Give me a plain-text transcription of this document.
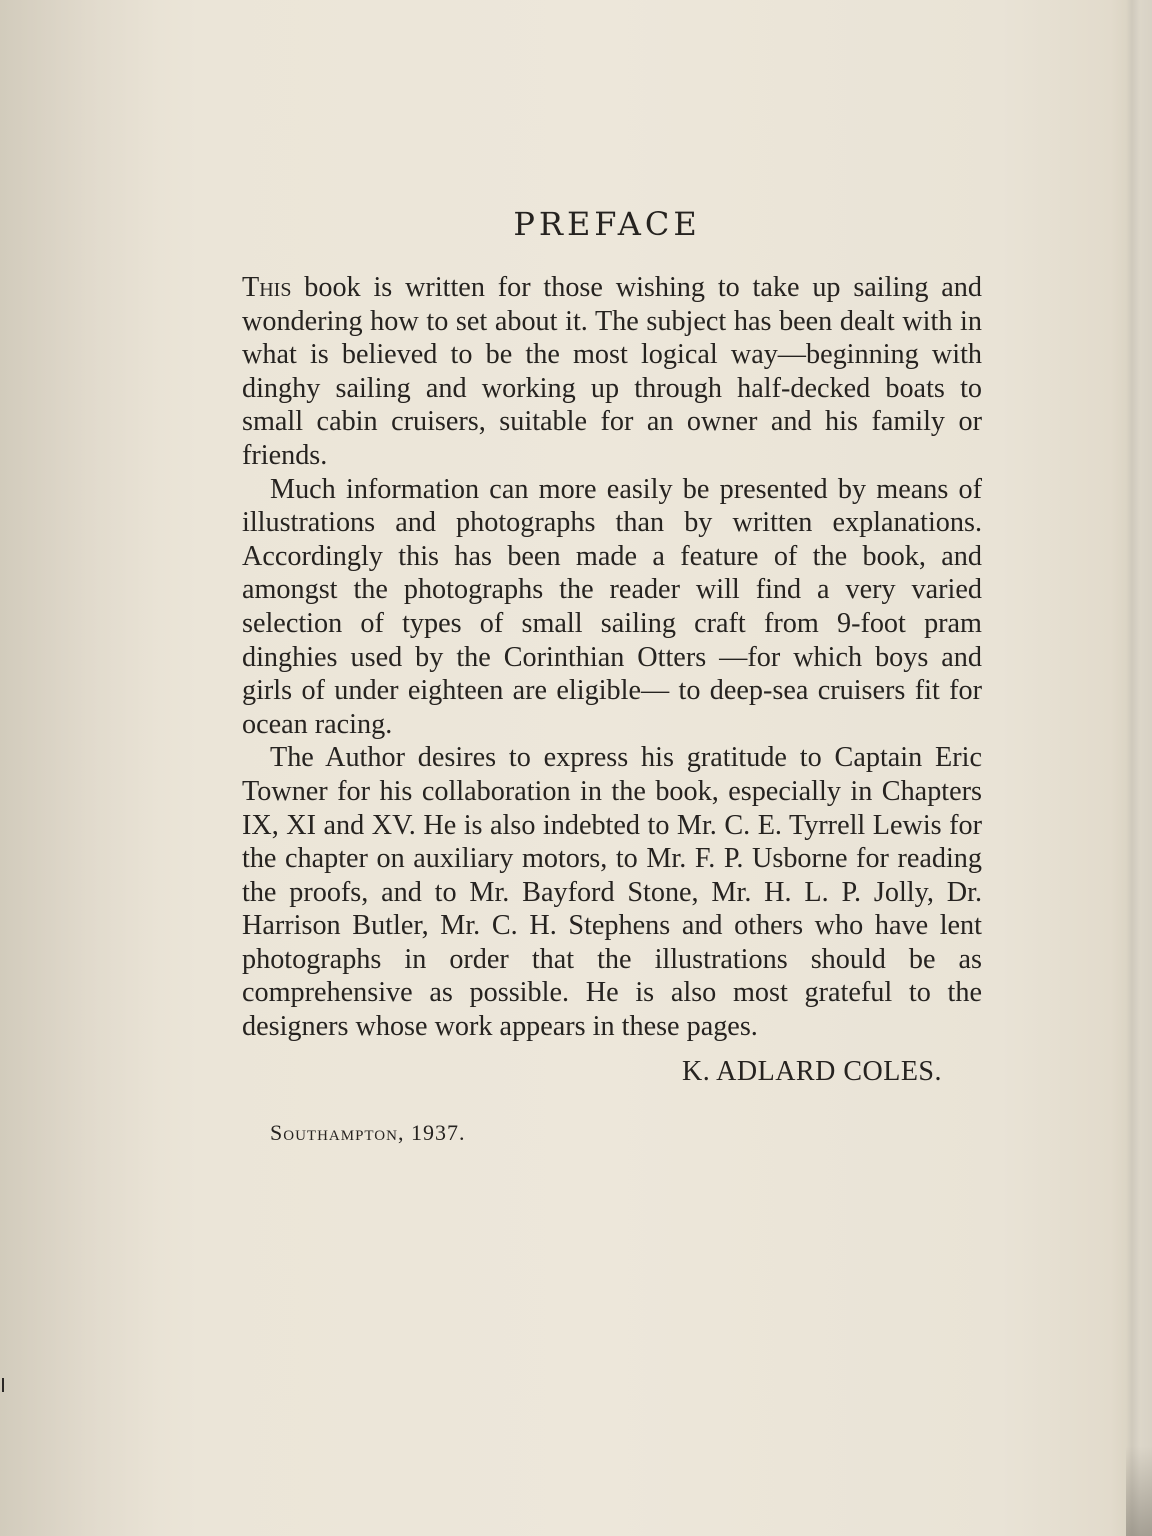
PREFACE

This book is written for those wishing to take up sailing and wondering how to set about it. The subject has been dealt with in what is believed to be the most logical way—beginning with dinghy sailing and working up through half-decked boats to small cabin cruisers, suitable for an owner and his family or friends.

Much information can more easily be presented by means of illustrations and photographs than by written explanations. Accordingly this has been made a feature of the book, and amongst the photographs the reader will find a very varied selection of types of small sailing craft from 9-foot pram dinghies used by the Corinthian Otters —for which boys and girls of under eighteen are eligible— to deep-sea cruisers fit for ocean racing.

The Author desires to express his gratitude to Captain Eric Towner for his collaboration in the book, especially in Chapters IX, XI and XV. He is also indebted to Mr. C. E. Tyrrell Lewis for the chapter on auxiliary motors, to Mr. F. P. Usborne for reading the proofs, and to Mr. Bayford Stone, Mr. H. L. P. Jolly, Dr. Harrison Butler, Mr. C. H. Stephens and others who have lent photographs in order that the illustrations should be as comprehensive as possible. He is also most grateful to the designers whose work appears in these pages.

K. ADLARD COLES.
Southampton, 1937.
